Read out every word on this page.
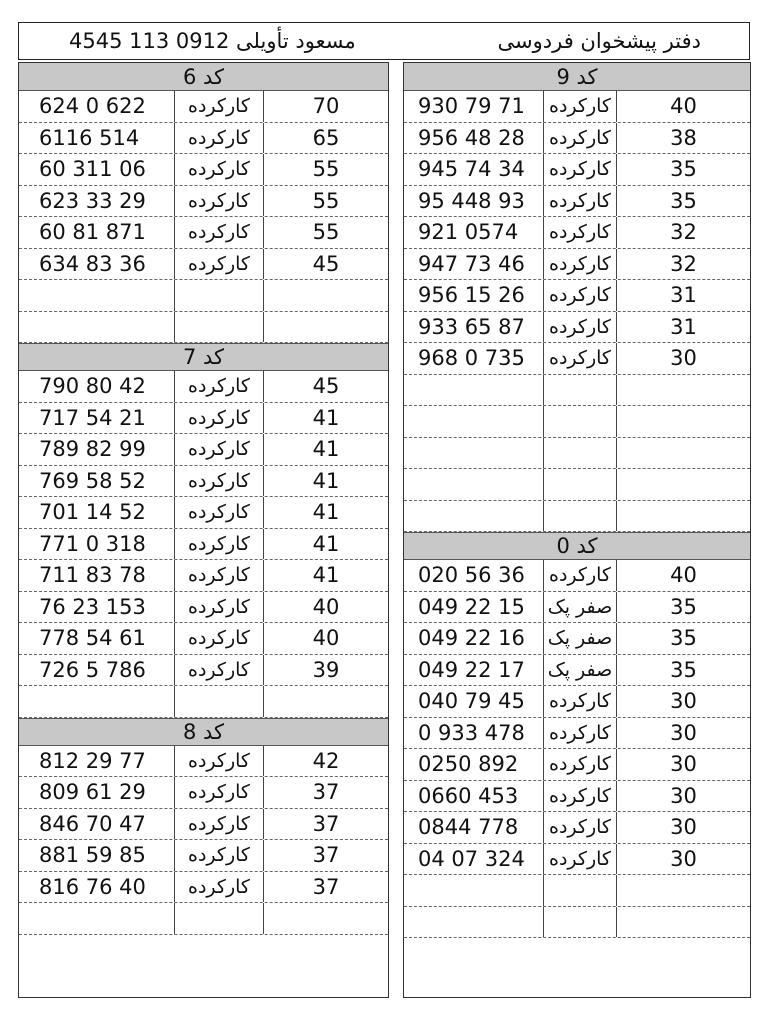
مسعود تأویلی 0912 113 4545	دفتر پیشخوان فردوسی
کد 6
624 0 622	کارکرده	70
6116 514	کارکرده	65
60 311 06	کارکرده	55
623 33 29	کارکرده	55
60 81 871	کارکرده	55
634 83 36	کارکرده	45
کد 7
790 80 42	کارکرده	45
717 54 21	کارکرده	41
789 82 99	کارکرده	41
769 58 52	کارکرده	41
701 14 52	کارکرده	41
771 0 318	کارکرده	41
711 83 78	کارکرده	41
76 23 153	کارکرده	40
778 54 61	کارکرده	40
726 5 786	کارکرده	39
کد 8
812 29 77	کارکرده	42
809 61 29	کارکرده	37
846 70 47	کارکرده	37
881 59 85	کارکرده	37
816 76 40	کارکرده	37
کد 9
930 79 71	کارکرده	40
956 48 28	کارکرده	38
945 74 34	کارکرده	35
95 448 93	کارکرده	35
921 0574	کارکرده	32
947 73 46	کارکرده	32
956 15 26	کارکرده	31
933 65 87	کارکرده	31
968 0 735	کارکرده	30
کد 0
020 56 36	کارکرده	40
049 22 15	صفر پک	35
049 22 16	صفر پک	35
049 22 17	صفر پک	35
040 79 45	کارکرده	30
0 933 478	کارکرده	30
0250 892	کارکرده	30
0660 453	کارکرده	30
0844 778	کارکرده	30
04 07 324	کارکرده	30
